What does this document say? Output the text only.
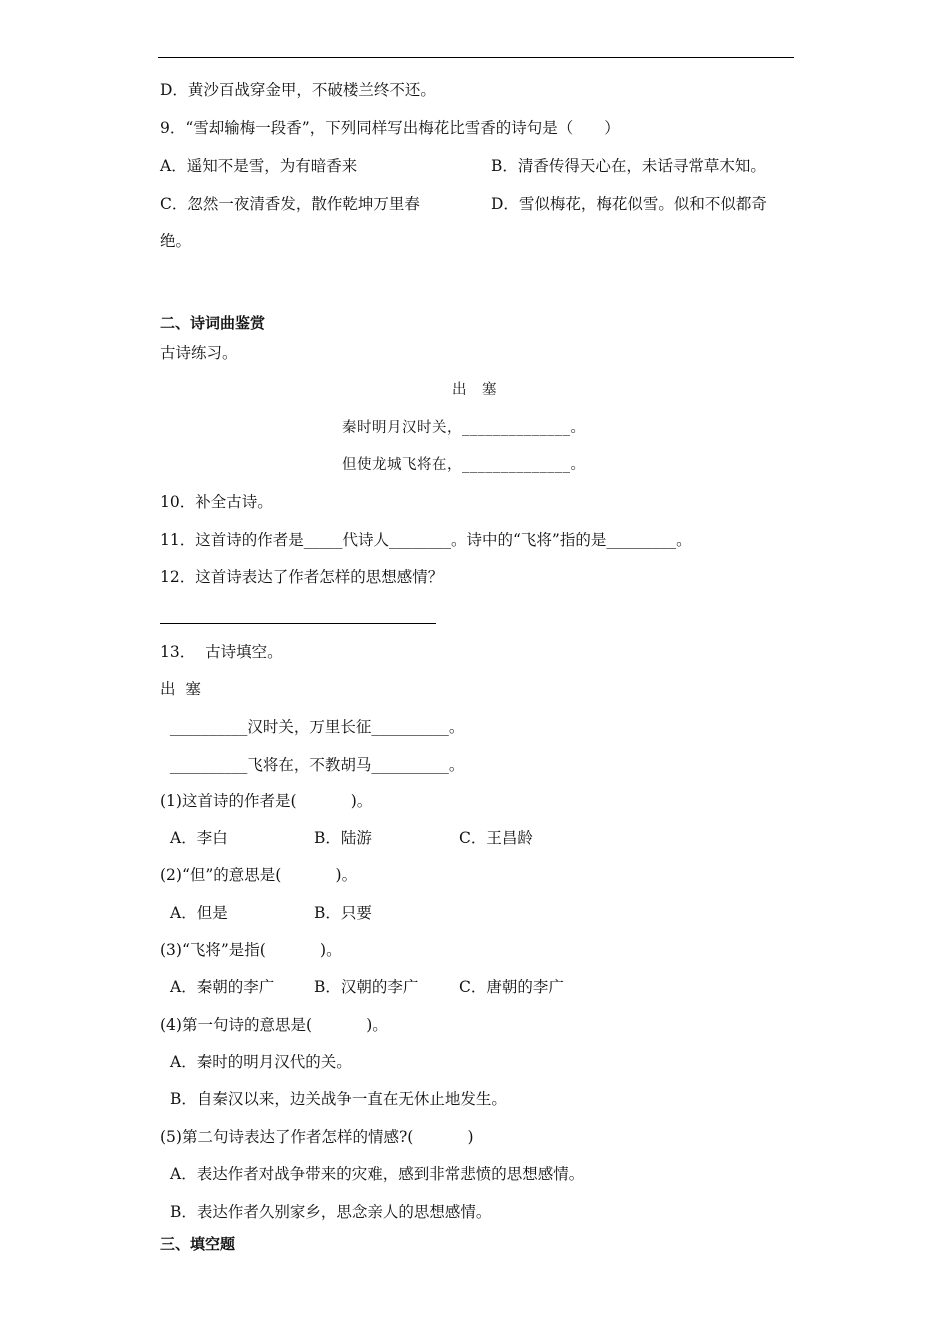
D．黄沙百战穿金甲，不破楼兰终不还。
9．“雪却输梅一段香”，下列同样写出梅花比雪香的诗句是（　　）
A．遥知不是雪，为有暗香来	B．清香传得天心在，未话寻常草木知。
C．忽然一夜清香发，散作乾坤万里春	D．雪似梅花，梅花似雪。似和不似都奇
绝。
二、诗词曲鉴赏
古诗练习。
出　塞
秦时明月汉时关，______________。
但使龙城飞将在，______________。
10．补全古诗。
11．这首诗的作者是_____代诗人________。诗中的“飞将”指的是_________。
12．这首诗表达了作者怎样的思想感情？
13．  古诗填空。
出  塞
__________汉时关，万里长征__________。
__________飞将在，不教胡马__________。
(1)这首诗的作者是(           )。
A．李白	B．陆游	C．王昌龄
(2)“但”的意思是(           )。
A．但是	B．只要
(3)“飞将”是指(           )。
A．秦朝的李广	B．汉朝的李广	C．唐朝的李广
(4)第一句诗的意思是(           )。
A．秦时的明月汉代的关。
B．自秦汉以来，边关战争一直在无休止地发生。
(5)第二句诗表达了作者怎样的情感?(           )
A．表达作者对战争带来的灾难，感到非常悲愤的思想感情。
B．表达作者久别家乡，思念亲人的思想感情。
三、填空题
